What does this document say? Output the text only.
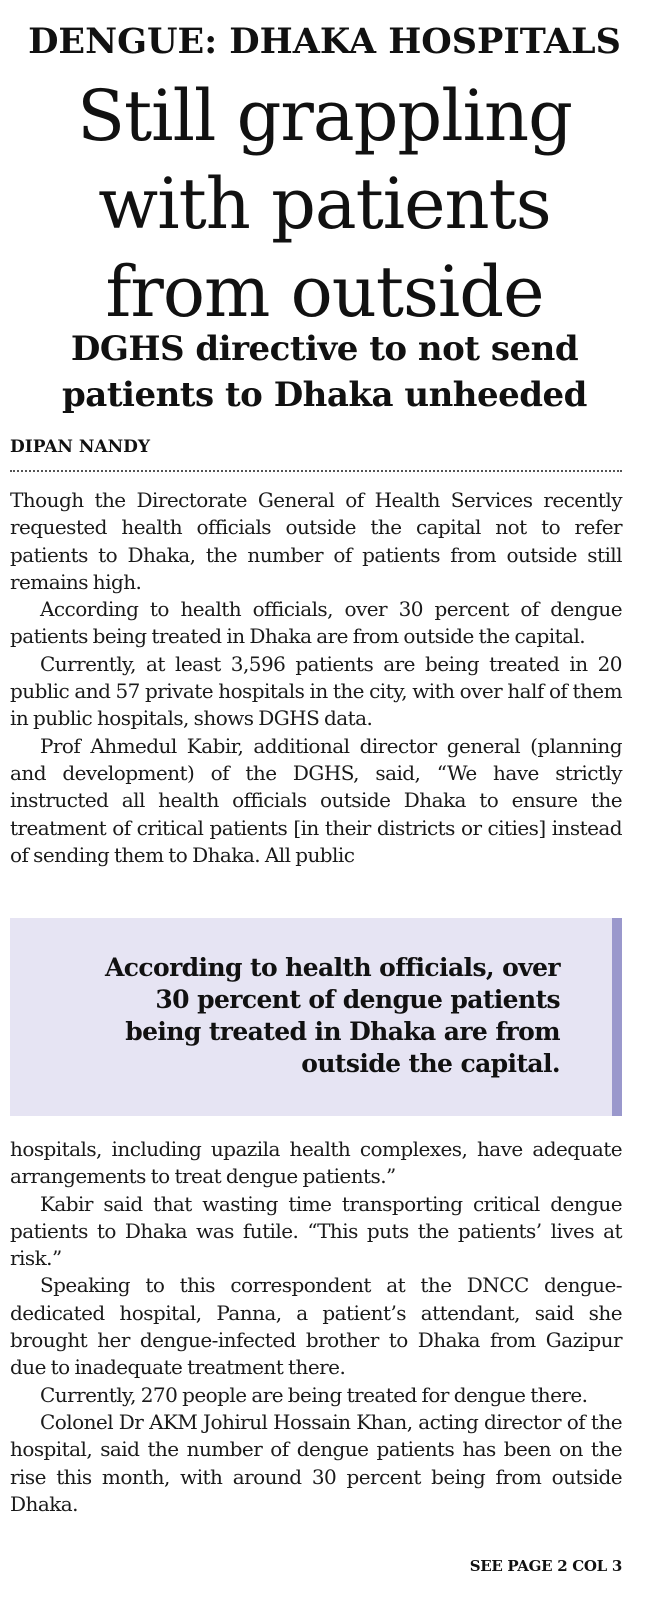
DENGUE: DHAKA HOSPITALS
Still grappling
with patients
from outside
DGHS directive to not send
patients to Dhaka unheeded
DIPAN NANDY

Though the Directorate General of Health Services recently requested health officials outside the capital not to refer patients to Dhaka, the number of patients from outside still remains high.

According to health officials, over 30 percent of dengue patients being treated in Dhaka are from outside the capital.

Currently, at least 3,596 patients are being treated in 20 public and 57 private hospitals in the city, with over half of them in public hospitals, shows DGHS data.

Prof Ahmedul Kabir, additional director general (planning and development) of the DGHS, said, “We have strictly instructed all health officials outside Dhaka to ensure the treatment of critical patients [in their districts or cities] instead of sending them to Dhaka. All public

According to health officials, over
30 percent of dengue patients
being treated in Dhaka are from
outside the capital.

hospitals, including upazila health complexes, have adequate arrangements to treat dengue patients.”

Kabir said that wasting time transporting critical dengue patients to Dhaka was futile. “This puts the patients’ lives at risk.”

Speaking to this correspondent at the DNCC dengue-dedicated hospital, Panna, a patient’s attendant, said she brought her dengue-infected brother to Dhaka from Gazipur due to inadequate treatment there.

Currently, 270 people are being treated for dengue there.

Colonel Dr AKM Johirul Hossain Khan, acting director of the hospital, said the number of dengue patients has been on the rise this month, with around 30 percent being from outside Dhaka.

SEE PAGE 2 COL 3
